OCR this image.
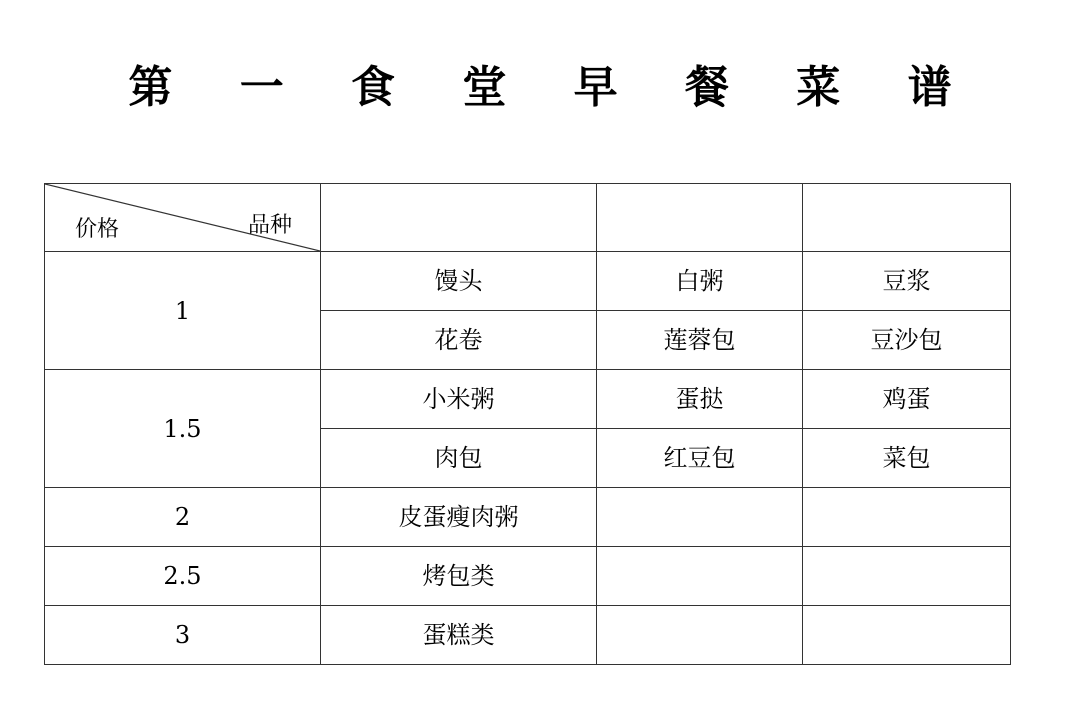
第 一 食 堂 早 餐 菜 谱
价格 品种			

1	馒头	白粥	豆浆
	花卷	莲蓉包	豆沙包
1.5	小米粥	蛋挞	鸡蛋
	肉包	红豆包	菜包
2	皮蛋瘦肉粥		
2.5	烤包类		
3	蛋糕类		
